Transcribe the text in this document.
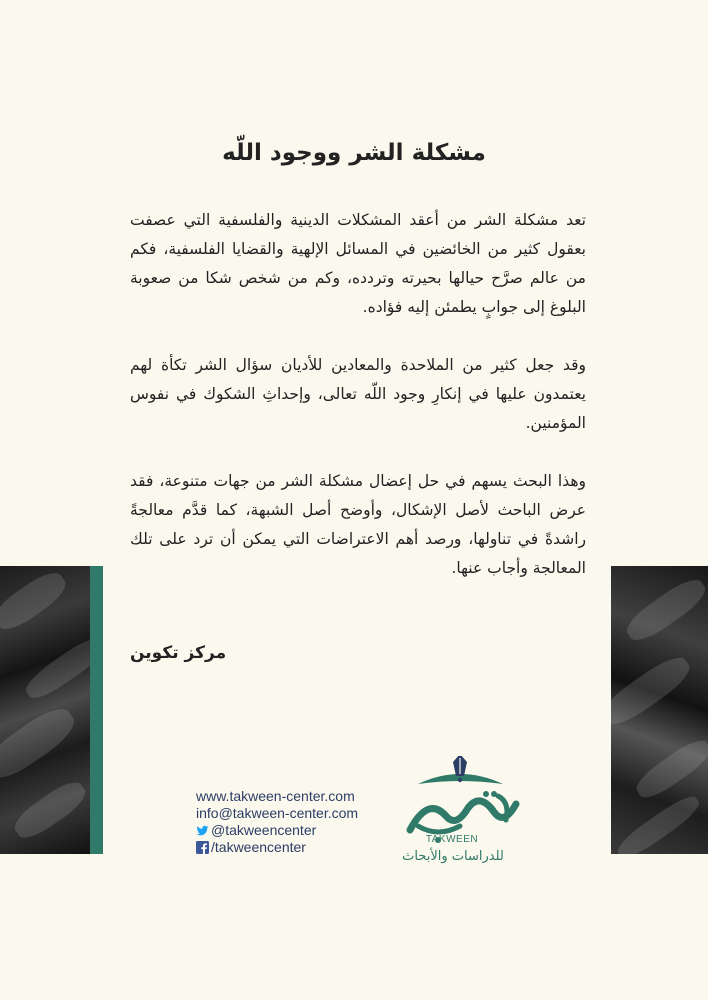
مشكلة الشر ووجود اللّه

تعد مشكلة الشر من أعقد المشكلات الدينية والفلسفية التي عصفت بعقول كثير من الخائضين في المسائل الإلهية والقضايا الفلسفية، فكم من عالم صرَّح حيالها بحيرته وتردده، وكم من شخص شكا من صعوبة البلوغ إلى جوابٍ يطمئن إليه فؤاده.

وقد جعل كثير من الملاحدة والمعادين للأديان سؤال الشر تكأة لهم يعتمدون عليها في إنكارِ وجود اللّه تعالى، وإحداثِ الشكوك في نفوس المؤمنين.

وهذا البحث يسهم في حل إعضال مشكلة الشر من جهات متنوعة، فقد عرض الباحث لأصل الإشكال، وأوضح أصل الشبهة، كما قدَّم معالجةً راشدةً في تناولها، ورصد أهم الاعتراضات التي يمكن أن ترد على تلك المعالجة وأجاب عنها.

مركز تكوين
www.takween-center.com
info@takween-center.com
@takweencenter
/takweencenter
تكوين
TAKWEEN
للدراسات والأبحاث
